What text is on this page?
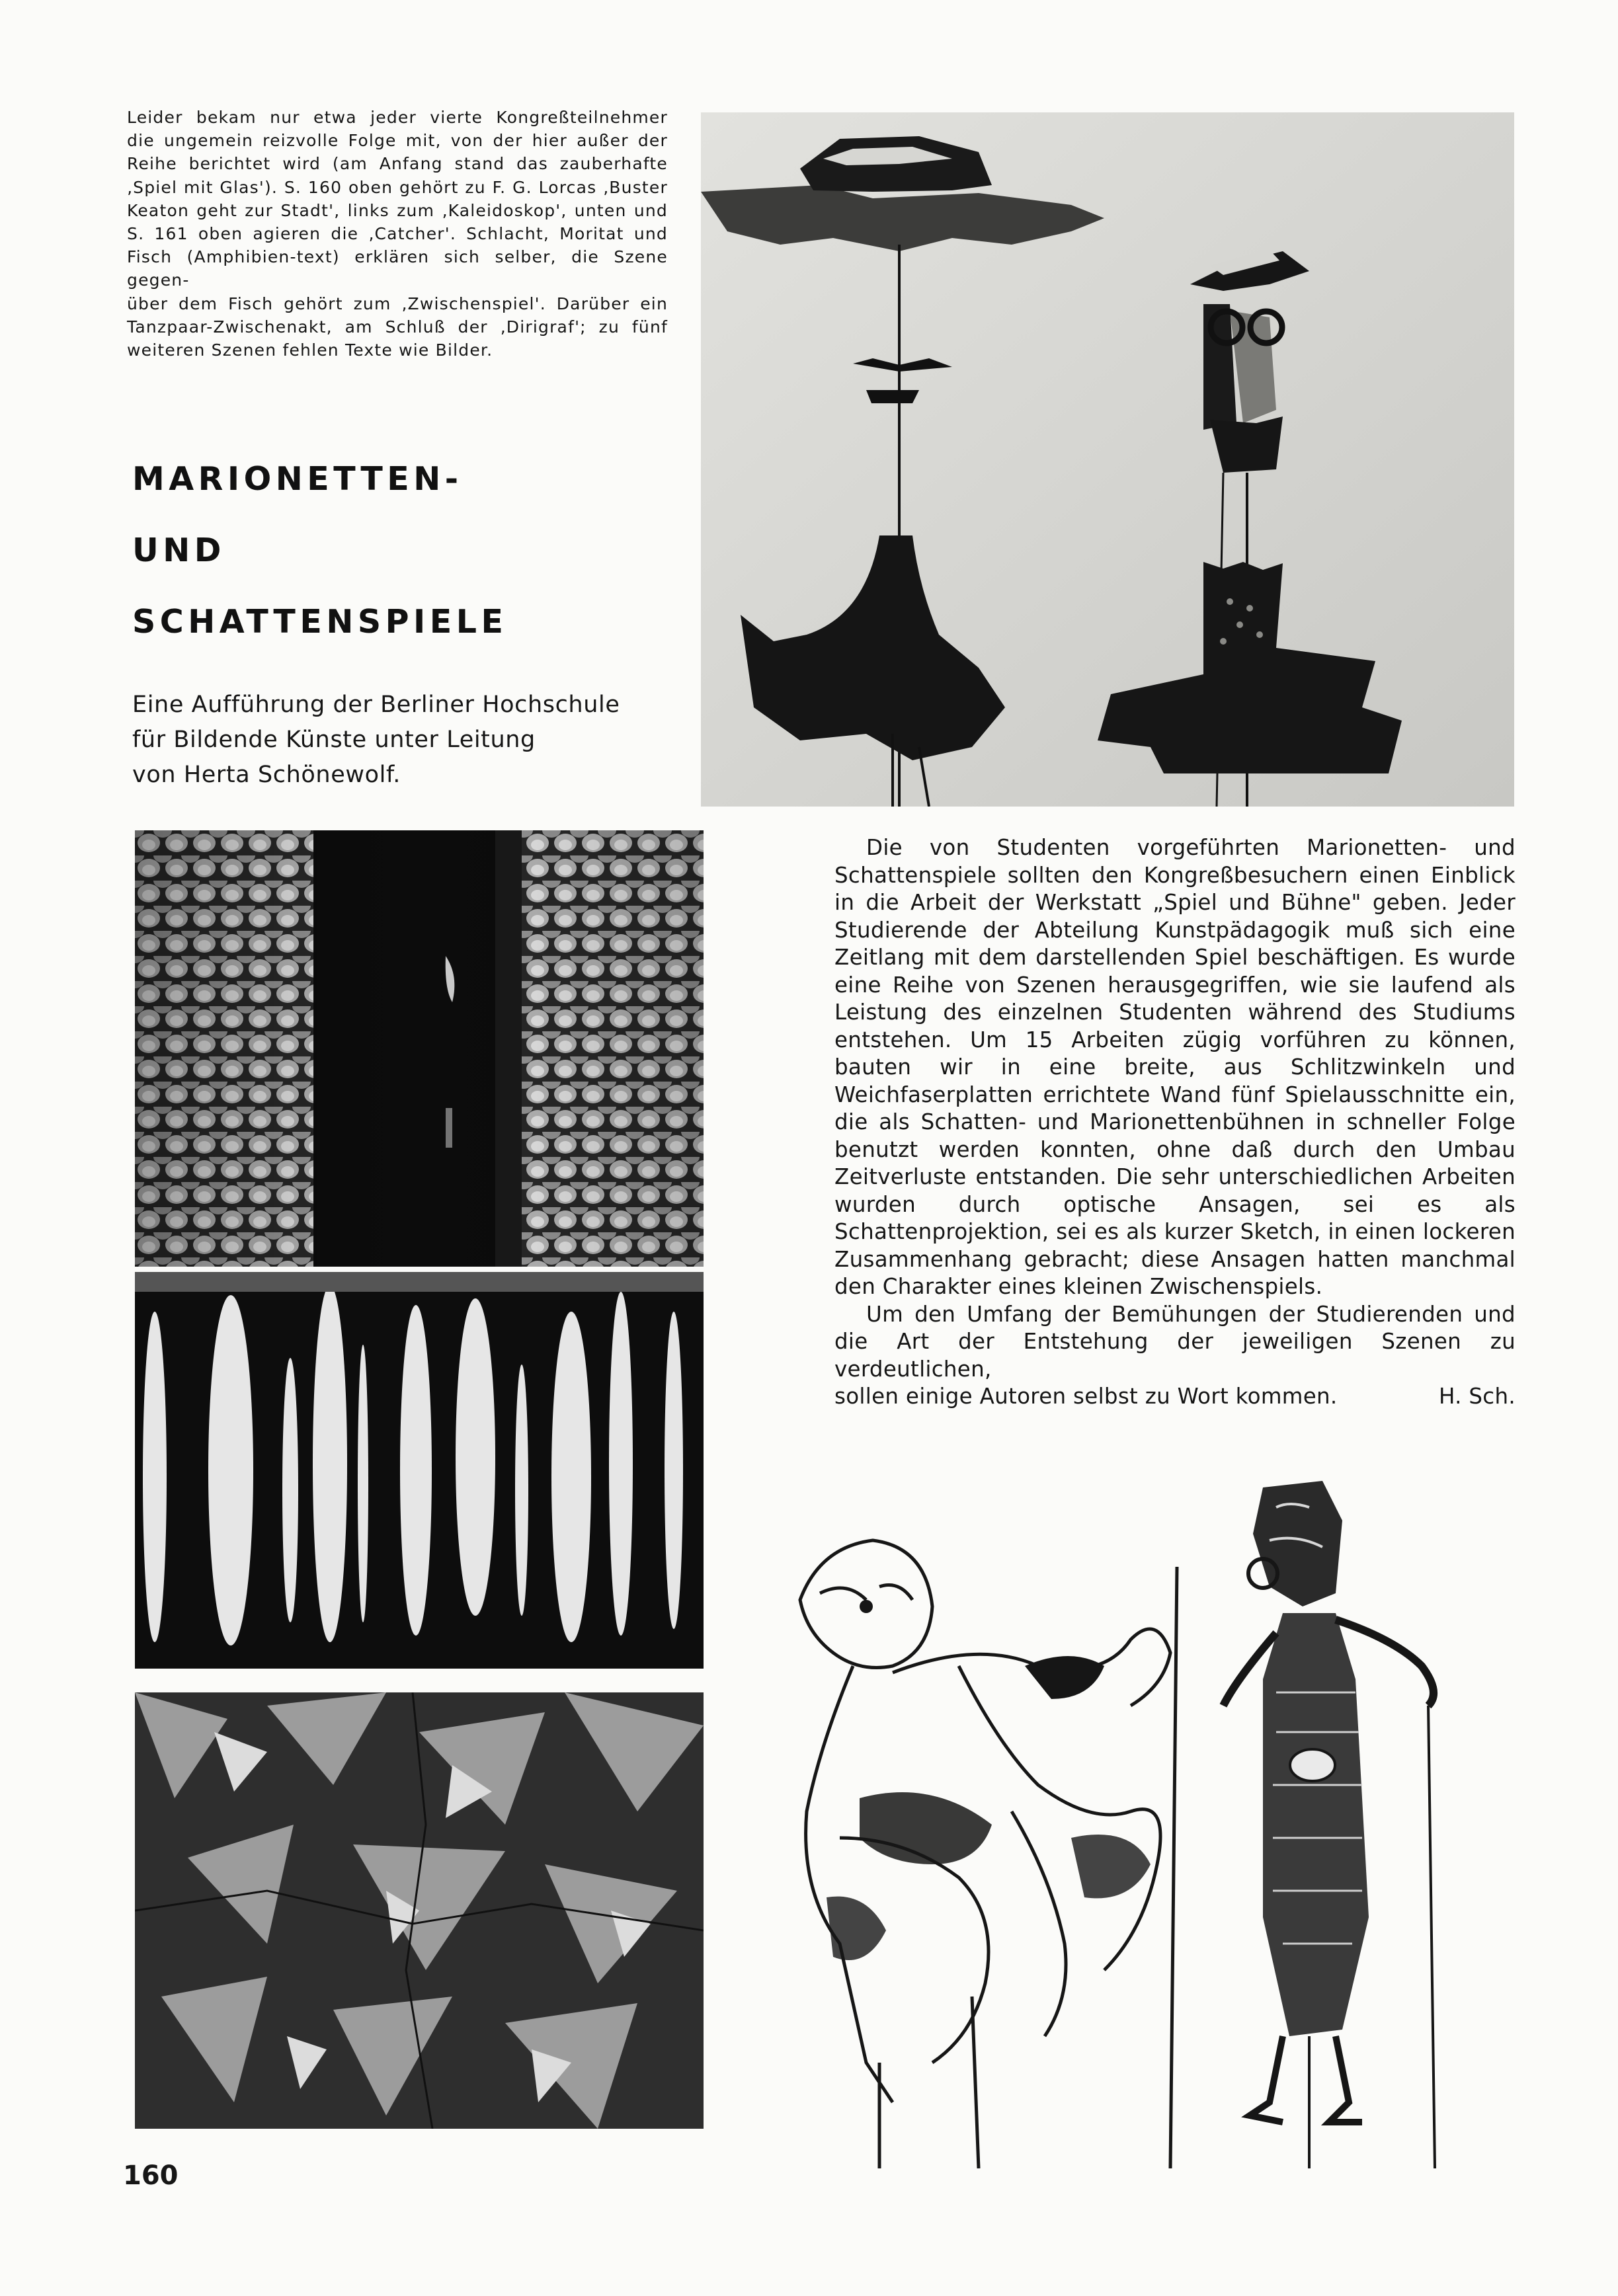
Leider bekam nur etwa jeder vierte Kongreßteilnehmer
die ungemein reizvolle Folge mit, von der hier außer der
Reihe berichtet wird (am Anfang stand das zauberhafte
‚Spiel mit Glas'). S. 160 oben gehört zu F. G. Lorcas ‚Buster
Keaton geht zur Stadt', links zum ‚Kaleidoskop', unten und
S. 161 oben agieren die ‚Catcher'. Schlacht, Moritat und
Fisch (Amphibien-text) erklären sich selber, die Szene gegen-
über dem Fisch gehört zum ‚Zwischenspiel'. Darüber ein
Tanzpaar-Zwischenakt, am Schluß der ‚Dirigraf'; zu fünf
weiteren Szenen fehlen Texte wie Bilder.
MARIONETTEN-
UND
SCHATTENSPIELE
Eine Aufführung der Berliner Hochschule
für Bildende Künste unter Leitung
von Herta Schönewolf.

Die von Studenten vorgeführten Marionetten- und Schattenspiele sollten den Kongreßbesuchern einen Einblick in die Arbeit der Werkstatt „Spiel und Bühne" geben. Jeder Studierende der Abteilung Kunstpädagogik muß sich eine Zeitlang mit dem darstellenden Spiel beschäftigen. Es wurde eine Reihe von Szenen herausgegriffen, wie sie laufend als Leistung des einzelnen Studenten während des Studiums entstehen. Um 15 Arbeiten zügig vorführen zu können, bauten wir in eine breite, aus Schlitzwinkeln und Weichfaserplatten errichtete Wand fünf Spielausschnitte ein, die als Schatten- und Marionettenbühnen in schneller Folge benutzt werden konnten, ohne daß durch den Umbau Zeitverluste entstanden. Die sehr unterschiedlichen Arbeiten wurden durch optische Ansagen, sei es als Schattenprojektion, sei es als kurzer Sketch, in einen lockeren Zusammenhang gebracht; diese Ansagen hatten manchmal den Charakter eines kleinen Zwischenspiels.

Um den Umfang der Bemühungen der Studierenden und die Art der Entstehung der jeweiligen Szenen zu verdeutlichen,

sollen einige Autoren selbst zu Wort kommen.	H. Sch.
160
